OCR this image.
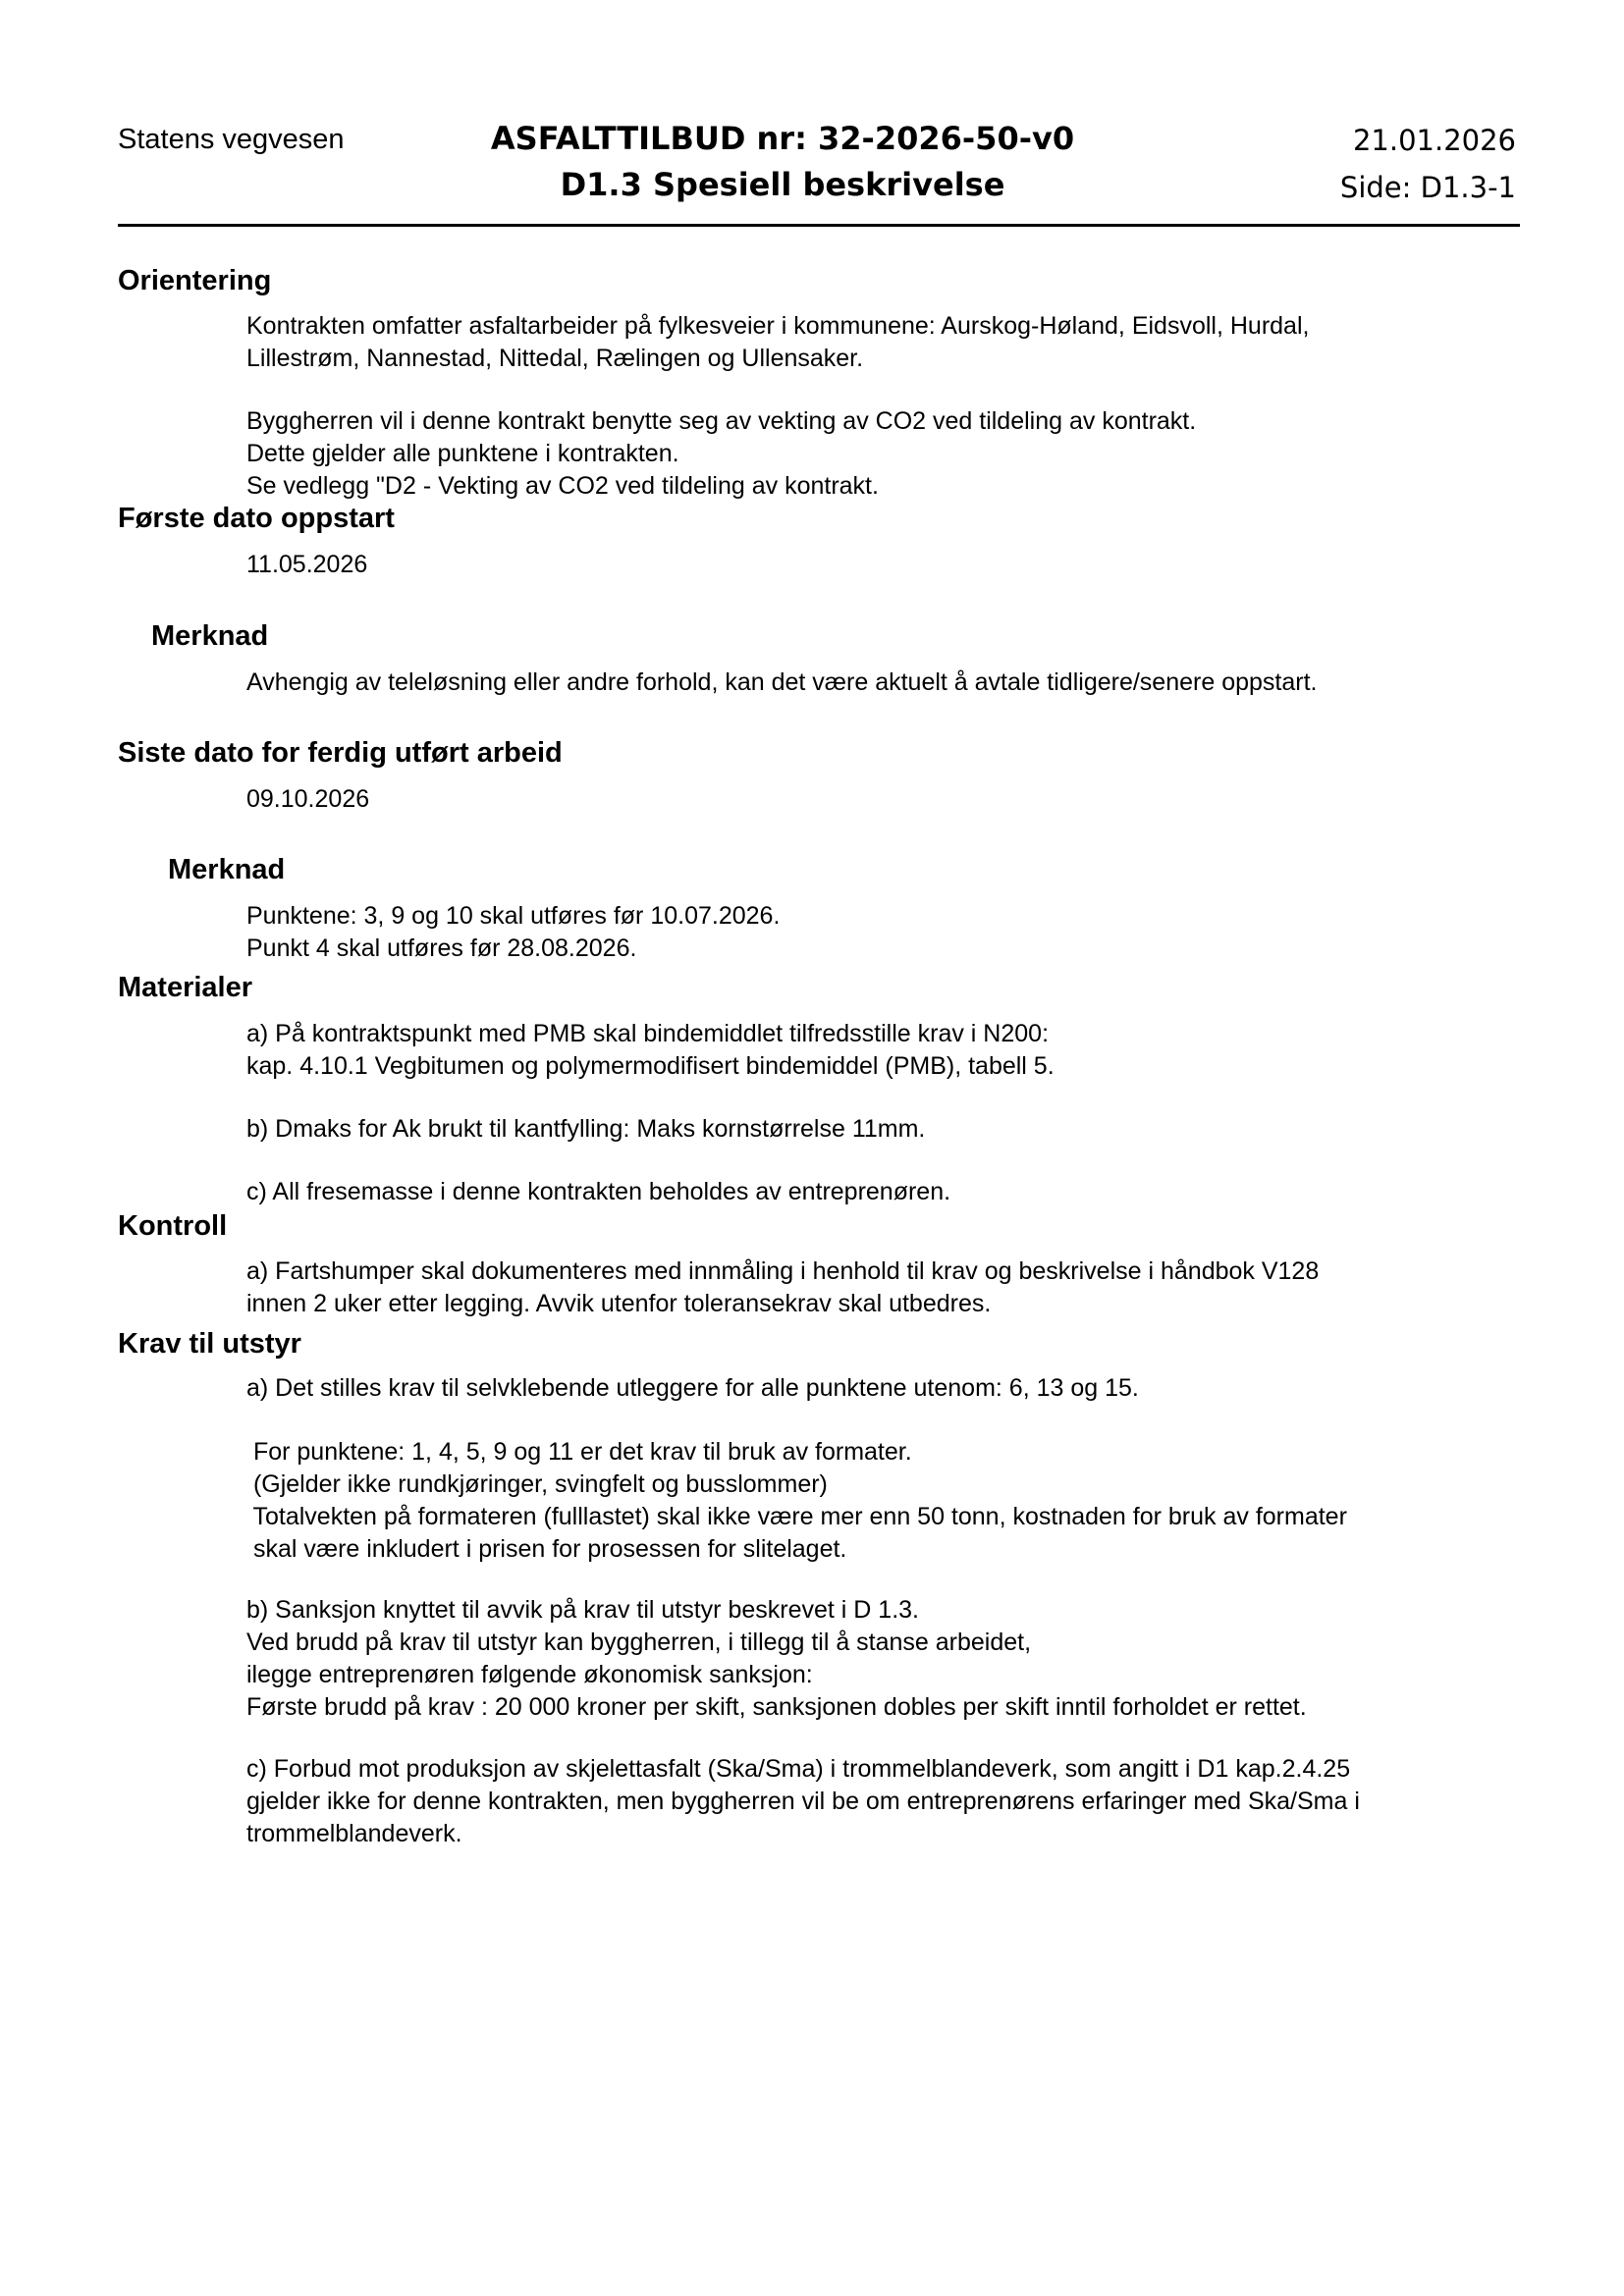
Statens vegvesen	ASFALTTILBUD nr: 32-2026-50-v0
D1.3 Spesiell beskrivelse
21.01.2026
Side: D1.3-1
Orientering
Kontrakten omfatter asfaltarbeider på fylkesveier i kommunene: Aurskog-Høland, Eidsvoll, Hurdal,
Lillestrøm, Nannestad, Nittedal, Rælingen og Ullensaker.
Byggherren vil i denne kontrakt benytte seg av vekting av CO2 ved tildeling av kontrakt.
Dette gjelder alle punktene i kontrakten.
Se vedlegg "D2 - Vekting av CO2 ved tildeling av kontrakt.
Første dato oppstart
11.05.2026
Merknad
Avhengig av teleløsning eller andre forhold, kan det være aktuelt å avtale tidligere/senere oppstart.
Siste dato for ferdig utført arbeid
09.10.2026
Merknad
Punktene: 3, 9 og 10 skal utføres før 10.07.2026.
Punkt 4 skal utføres før 28.08.2026.
Materialer
a) På kontraktspunkt med PMB skal bindemiddlet tilfredsstille krav i N200:
kap. 4.10.1 Vegbitumen og polymermodifisert bindemiddel (PMB), tabell 5.
b) Dmaks for Ak brukt til kantfylling: Maks kornstørrelse 11mm.
c) All fresemasse i denne kontrakten beholdes av entreprenøren.
Kontroll
a) Fartshumper skal dokumenteres med innmåling i henhold til krav og beskrivelse i håndbok V128
innen 2 uker etter legging. Avvik utenfor toleransekrav skal utbedres.
Krav til utstyr
a) Det stilles krav til selvklebende utleggere for alle punktene utenom: 6, 13 og 15.
For punktene: 1, 4, 5, 9 og 11 er det krav til bruk av formater.
(Gjelder ikke rundkjøringer, svingfelt og busslommer)
Totalvekten på formateren (fulllastet) skal ikke være mer enn 50 tonn, kostnaden for bruk av formater
skal være inkludert i prisen for prosessen for slitelaget.
b) Sanksjon knyttet til avvik på krav til utstyr beskrevet i D 1.3.
Ved brudd på krav til utstyr kan byggherren, i tillegg til å stanse arbeidet,
ilegge entreprenøren følgende økonomisk sanksjon:
Første brudd på krav : 20 000 kroner per skift, sanksjonen dobles per skift inntil forholdet er rettet.
c) Forbud mot produksjon av skjelettasfalt (Ska/Sma) i trommelblandeverk, som angitt i D1 kap.2.4.25
gjelder ikke for denne kontrakten, men byggherren vil be om entreprenørens erfaringer med Ska/Sma i
trommelblandeverk.
